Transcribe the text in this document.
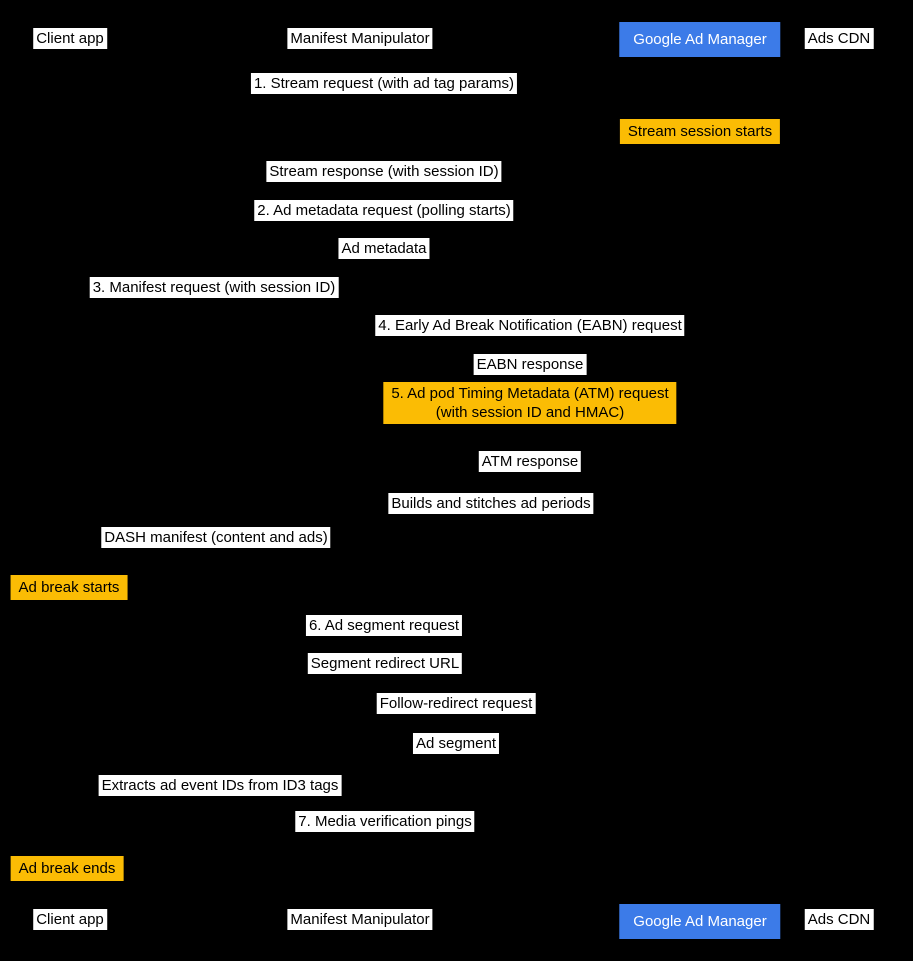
Client app	Manifest Manipulator	Google Ad Manager	Ads CDN
1. Stream request (with ad tag params)
Stream session starts
Stream response (with session ID)
2. Ad metadata request (polling starts)
Ad metadata
3. Manifest request (with session ID)
4. Early Ad Break Notification (EABN) request
EABN response
5. Ad pod Timing Metadata (ATM) request
(with session ID and HMAC)
ATM response
Builds and stitches ad periods
DASH manifest (content and ads)
Ad break starts
6. Ad segment request
Segment redirect URL
Follow-redirect request
Ad segment
Extracts ad event IDs from ID3 tags
7. Media verification pings
Ad break ends
Client app	Manifest Manipulator	Google Ad Manager	Ads CDN
